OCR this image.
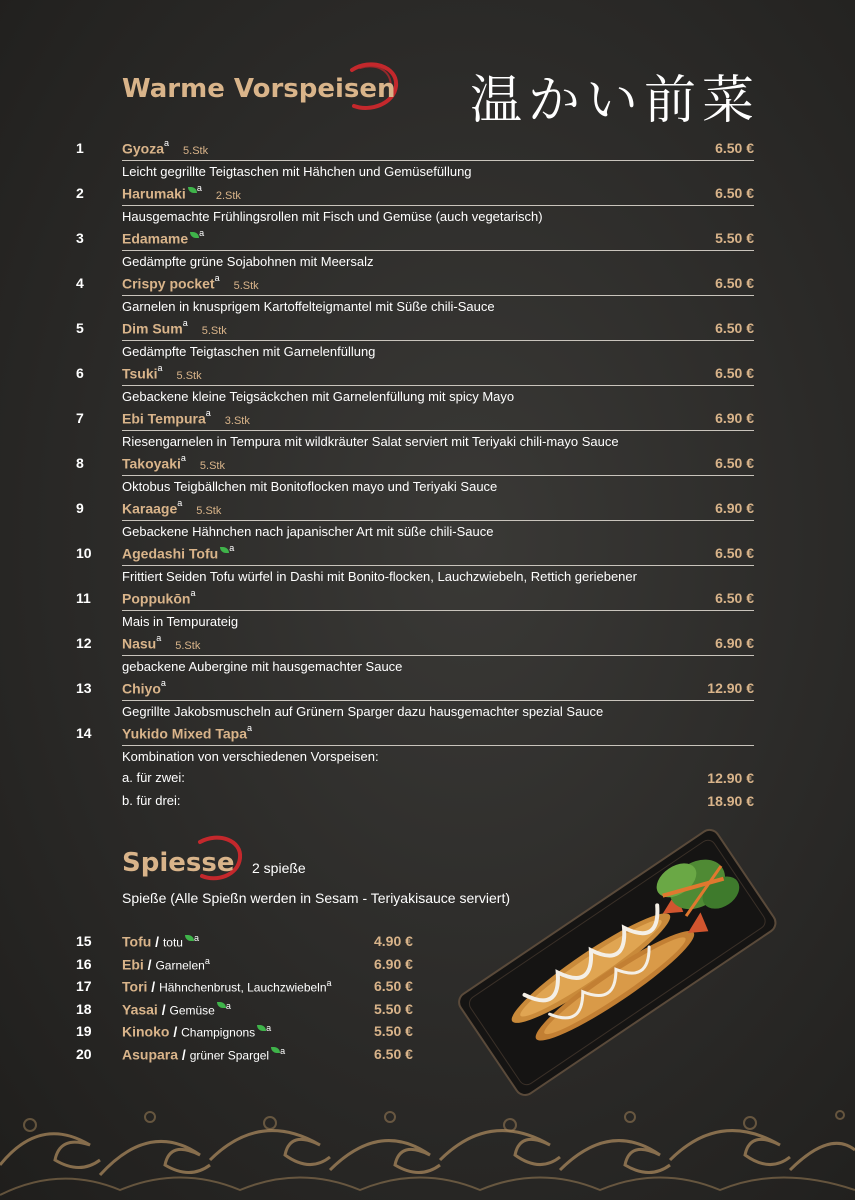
Warme Vorspeisen 温かい前菜
1	Gyoza$^a$5.Stk	6.50 €
Leicht gegrillte Teigtaschen mit Hähchen und Gemüsefüllung
2	Harumaki $^a$2.Stk	6.50 €
Hausgemachte Frühlingsrollen mit Fisch und Gemüse (auch vegetarisch)
3	Edamame $^a$	5.50 €
Gedämpfte grüne Sojabohnen mit Meersalz
4	Crispy pocket$^a$5.Stk	6.50 €
Garnelen in knusprigem Kartoffelteigmantel mit Süße chili-Sauce
5	Dim Sum$^a$5.Stk	6.50 €
Gedämpfte Teigtaschen mit Garnelenfüllung
6	Tsuki$^a$5.Stk	6.50 €
Gebackene kleine Teigsäckchen mit Garnelenfüllung mit spicy Mayo
7	Ebi Tempura$^a$3.Stk	6.90 €
Riesengarnelen in Tempura mit wildkräuter Salat serviert mit Teriyaki chili-mayo Sauce
8	Takoyaki$^a$5.Stk	6.50 €
Oktobus Teigbällchen mit Bonitoflocken mayo und Teriyaki Sauce
9	Karaage$^a$5.Stk	6.90 €
Gebackene Hähnchen nach japanischer Art mit süße chili-Sauce
10 Agedashi Tofu $^a$	6.50 €
Frittiert Seiden Tofu würfel in Dashi mit Bonito-flocken, Lauchzwiebeln, Rettich geriebener
11 Poppukōn$^a$	6.50 €
Mais in Tempurateig
12 Nasu$^a$5.Stk	6.90 €
gebackene Aubergine mit hausgemachter Sauce
13 Chiyo$^a$	12.90 €
Gegrillte Jakobsmuscheln auf Grünern Sparger dazu hausgemachter spezial Sauce
14 Yukido Mixed Tapa$^a$
Kombination von verschiedenen Vorspeisen:
a. für zwei:	12.90 €
b. für drei:	18.90 €
Spiesse 2 spieße
Spieße (Alle Spießn werden in Sesam - Teriyakisauce serviert)
15 Tofu / totu $^a$	4.90 €
16 Ebi / Garnelen$^a$	6.90 €
17 Tori / Hähnchenbrust, Lauchzwiebeln$^a$	6.50 €
18 Yasai / Gemüse $^a$	5.50 €
19 Kinoko / Champignons $^a$	5.50 €
20 Asupara / grüner Spargel $^a$	6.50 €
